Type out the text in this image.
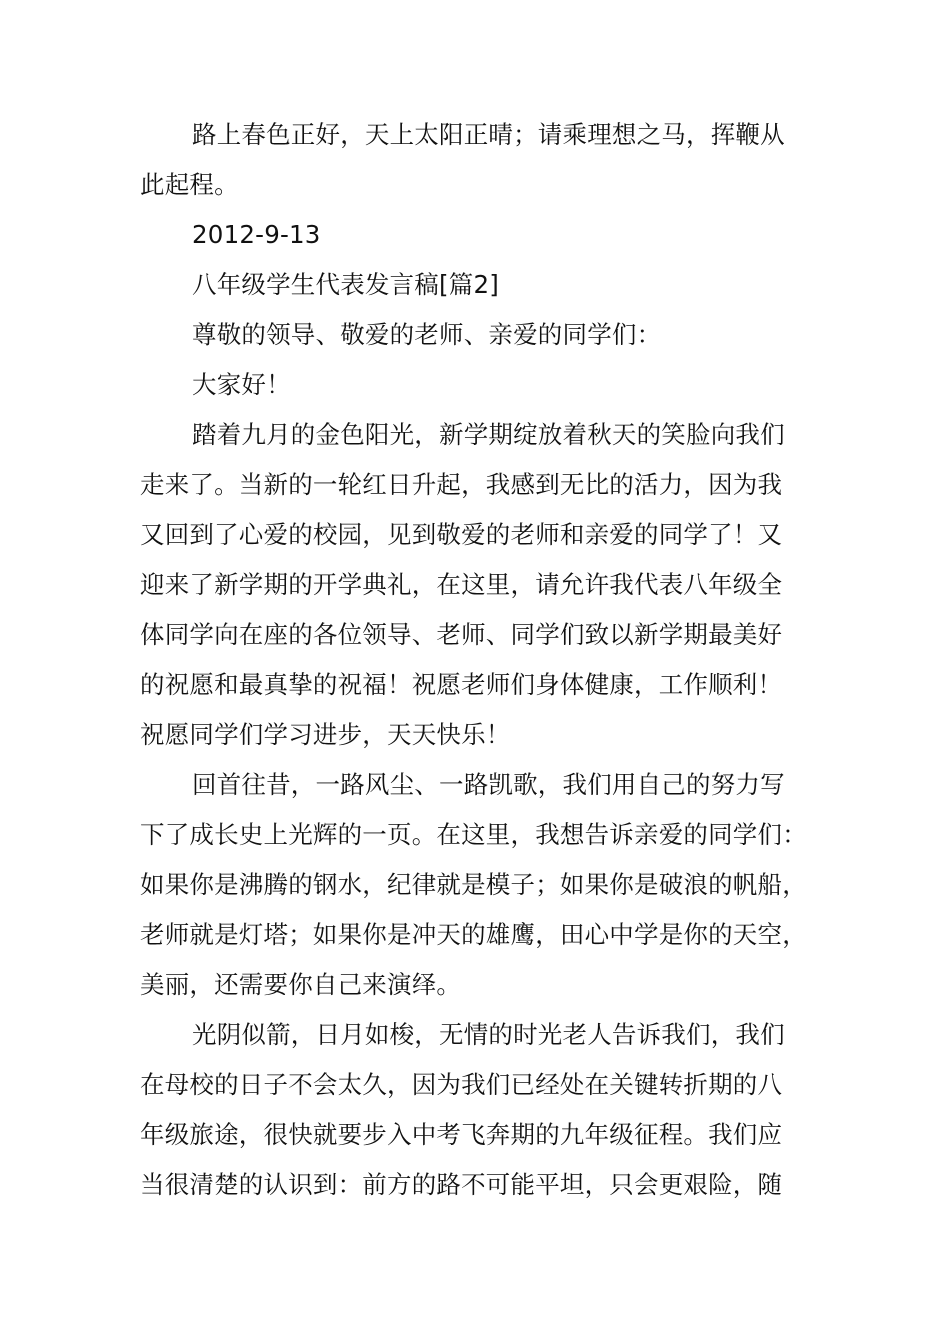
路上春色正好，天上太阳正晴；请乘理想之马，挥鞭从
此起程。
2012-9-13
八年级学生代表发言稿[篇2]
尊敬的领导、敬爱的老师、亲爱的同学们：
大家好！
踏着九月的金色阳光，新学期绽放着秋天的笑脸向我们
走来了。当新的一轮红日升起，我感到无比的活力，因为我
又回到了心爱的校园，见到敬爱的老师和亲爱的同学了！又
迎来了新学期的开学典礼，在这里，请允许我代表八年级全
体同学向在座的各位领导、老师、同学们致以新学期最美好
的祝愿和最真挚的祝福！祝愿老师们身体健康，工作顺利！
祝愿同学们学习进步，天天快乐！
回首往昔，一路风尘、一路凯歌，我们用自己的努力写
下了成长史上光辉的一页。在这里，我想告诉亲爱的同学们：
如果你是沸腾的钢水，纪律就是模子；如果你是破浪的帆船，
老师就是灯塔；如果你是冲天的雄鹰，田心中学是你的天空，
美丽，还需要你自己来演绎。
光阴似箭，日月如梭，无情的时光老人告诉我们，我们
在母校的日子不会太久，因为我们已经处在关键转折期的八
年级旅途，很快就要步入中考飞奔期的九年级征程。我们应
当很清楚的认识到：前方的路不可能平坦，只会更艰险，随
